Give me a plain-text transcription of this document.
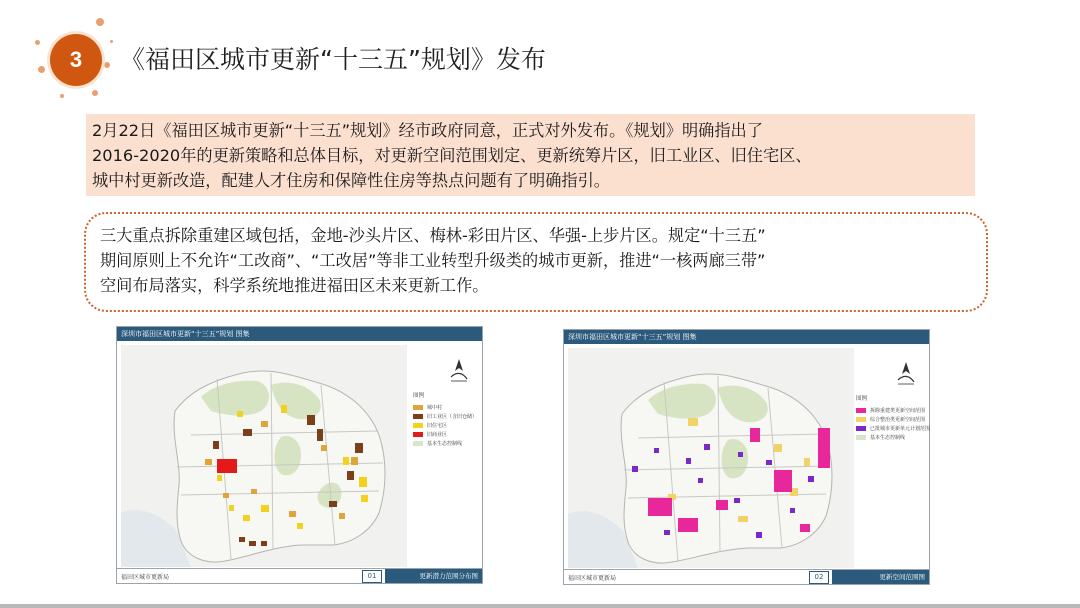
3	《福田区城市更新“十三五”规划》发布
2月22日《福田区城市更新“十三五”规划》经市政府同意，正式对外发布。《规划》明确指出了
2016-2020年的更新策略和总体目标，对更新空间范围划定、更新统筹片区，旧工业区、旧住宅区、
城中村更新改造，配建人才住房和保障性住房等热点问题有了明确指引。
三大重点拆除重建区域包括，金地-沙头片区、梅林-彩田片区、华强-上步片区。规定“十三五”
期间原则上不允许“工改商”、“工改居”等非工业转型升级类的城市更新，推进“一核两廊三带”
空间布局落实，科学系统地推进福田区未来更新工作。
深圳市福田区城市更新“十三五”规划 图集
图例
城中村
旧工业区（含旧仓储）
旧住宅区
旧商业区
基本生态控制线
福田区城市更新局	01	更新潜力范围分布图
深圳市福田区城市更新“十三五”规划 图集
图例
拆除重建类更新空间范围
综合整治类更新空间范围
已批城市更新单元计划范围
基本生态控制线
福田区城市更新局	02	更新空间范围图
